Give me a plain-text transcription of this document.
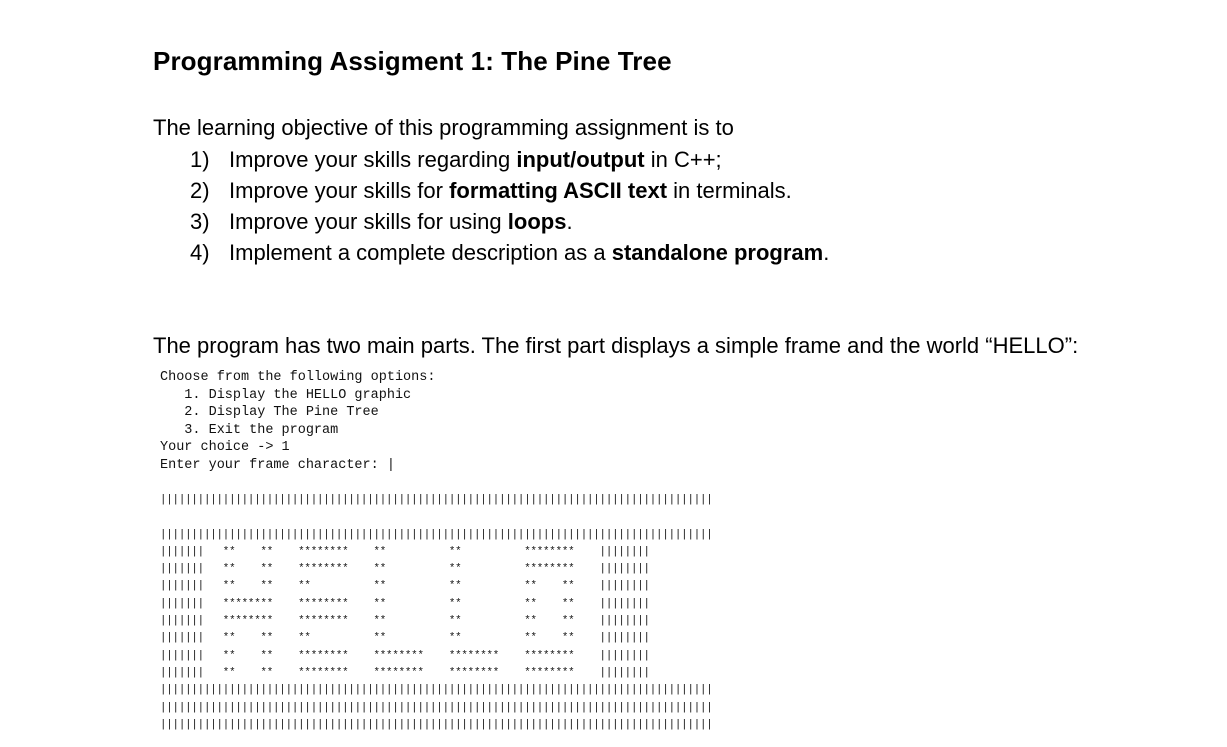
Programming Assigment 1: The Pine Tree
The learning objective of this programming assignment is to
1) Improve your skills regarding input/output in C++;
2) Improve your skills for formatting ASCII text in terminals.
3) Improve your skills for using loops.
4) Implement a complete description as a standalone program.
The program has two main parts. The first part displays a simple frame and the world “HELLO”:
Choose from the following options:
1. Display the HELLO graphic
2. Display The Pine Tree
3. Exit the program
Your choice -> 1
Enter your frame character: |
||||||||||||||||||||||||||||||||||||||||||||||||||||||||||||||||||||||||||||||||||||||||
||||||||||||||||||||||||||||||||||||||||||||||||||||||||||||||||||||||||||||||||||||||||
|||||||   **    **    ********    **          **          ********    ||||||||
|||||||   **    **    ********    **          **          ********    ||||||||
|||||||   **    **    **          **          **          **    **    ||||||||
|||||||   ********    ********    **          **          **    **    ||||||||
|||||||   ********    ********    **          **          **    **    ||||||||
|||||||   **    **    **          **          **          **    **    ||||||||
|||||||   **    **    ********    ********    ********    ********    ||||||||
|||||||   **    **    ********    ********    ********    ********    ||||||||
||||||||||||||||||||||||||||||||||||||||||||||||||||||||||||||||||||||||||||||||||||||||
||||||||||||||||||||||||||||||||||||||||||||||||||||||||||||||||||||||||||||||||||||||||
||||||||||||||||||||||||||||||||||||||||||||||||||||||||||||||||||||||||||||||||||||||||
